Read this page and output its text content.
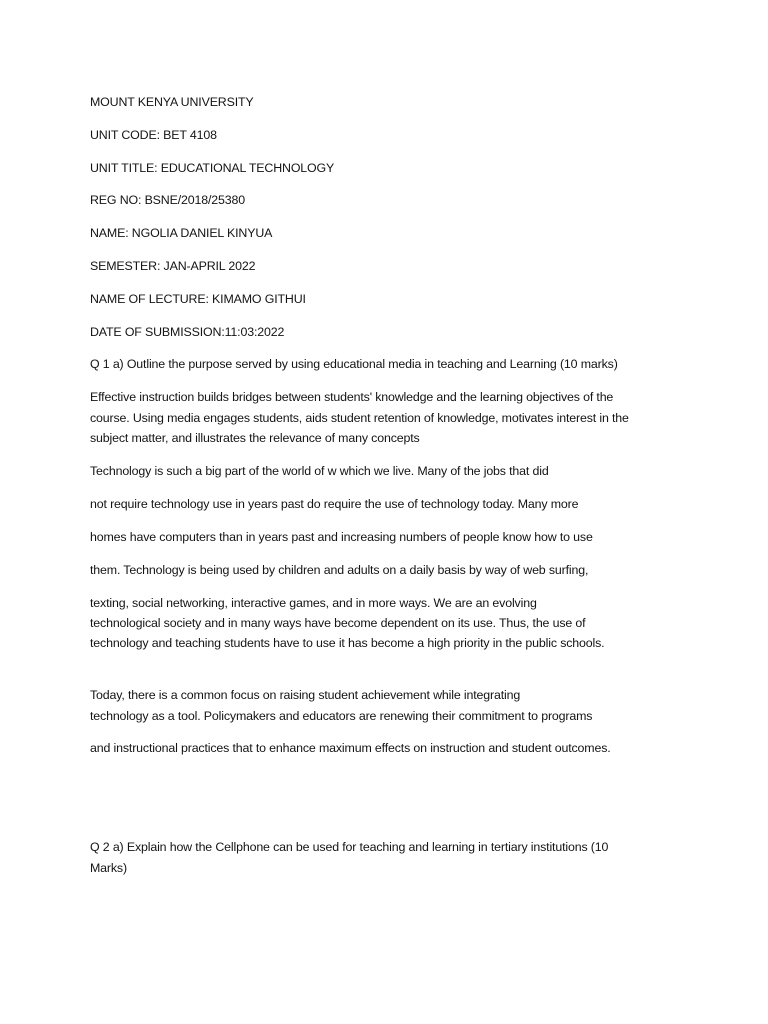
MOUNT KENYA UNIVERSITY

UNIT CODE: BET 4108

UNIT TITLE: EDUCATIONAL TECHNOLOGY

REG NO: BSNE/2018/25380

NAME: NGOLIA DANIEL KINYUA

SEMESTER: JAN-APRIL 2022

NAME OF LECTURE: KIMAMO GITHUI

DATE OF SUBMISSION:11:03:2022

Q 1 a) Outline the purpose served by using educational media in teaching and Learning (10 marks)

Effective instruction builds bridges between students' knowledge and the learning objectives of the

course. Using media engages students, aids student retention of knowledge, motivates interest in the

subject matter, and illustrates the relevance of many concepts

Technology is such a big part of the world of w which we live. Many of the jobs that did

not require technology use in years past do require the use of technology today. Many more

homes have computers than in years past and increasing numbers of people know how to use

them. Technology is being used by children and adults on a daily basis by way of web surfing,

texting, social networking, interactive games, and in more ways. We are an evolving

technological society and in many ways have become dependent on its use. Thus, the use of

technology and teaching students have to use it has become a high priority in the public schools.

Today, there is a common focus on raising student achievement while integrating

technology as a tool. Policymakers and educators are renewing their commitment to programs

and instructional practices that to enhance maximum effects on instruction and student outcomes.

Q 2 a) Explain how the Cellphone can be used for teaching and learning in tertiary institutions (10

Marks)
